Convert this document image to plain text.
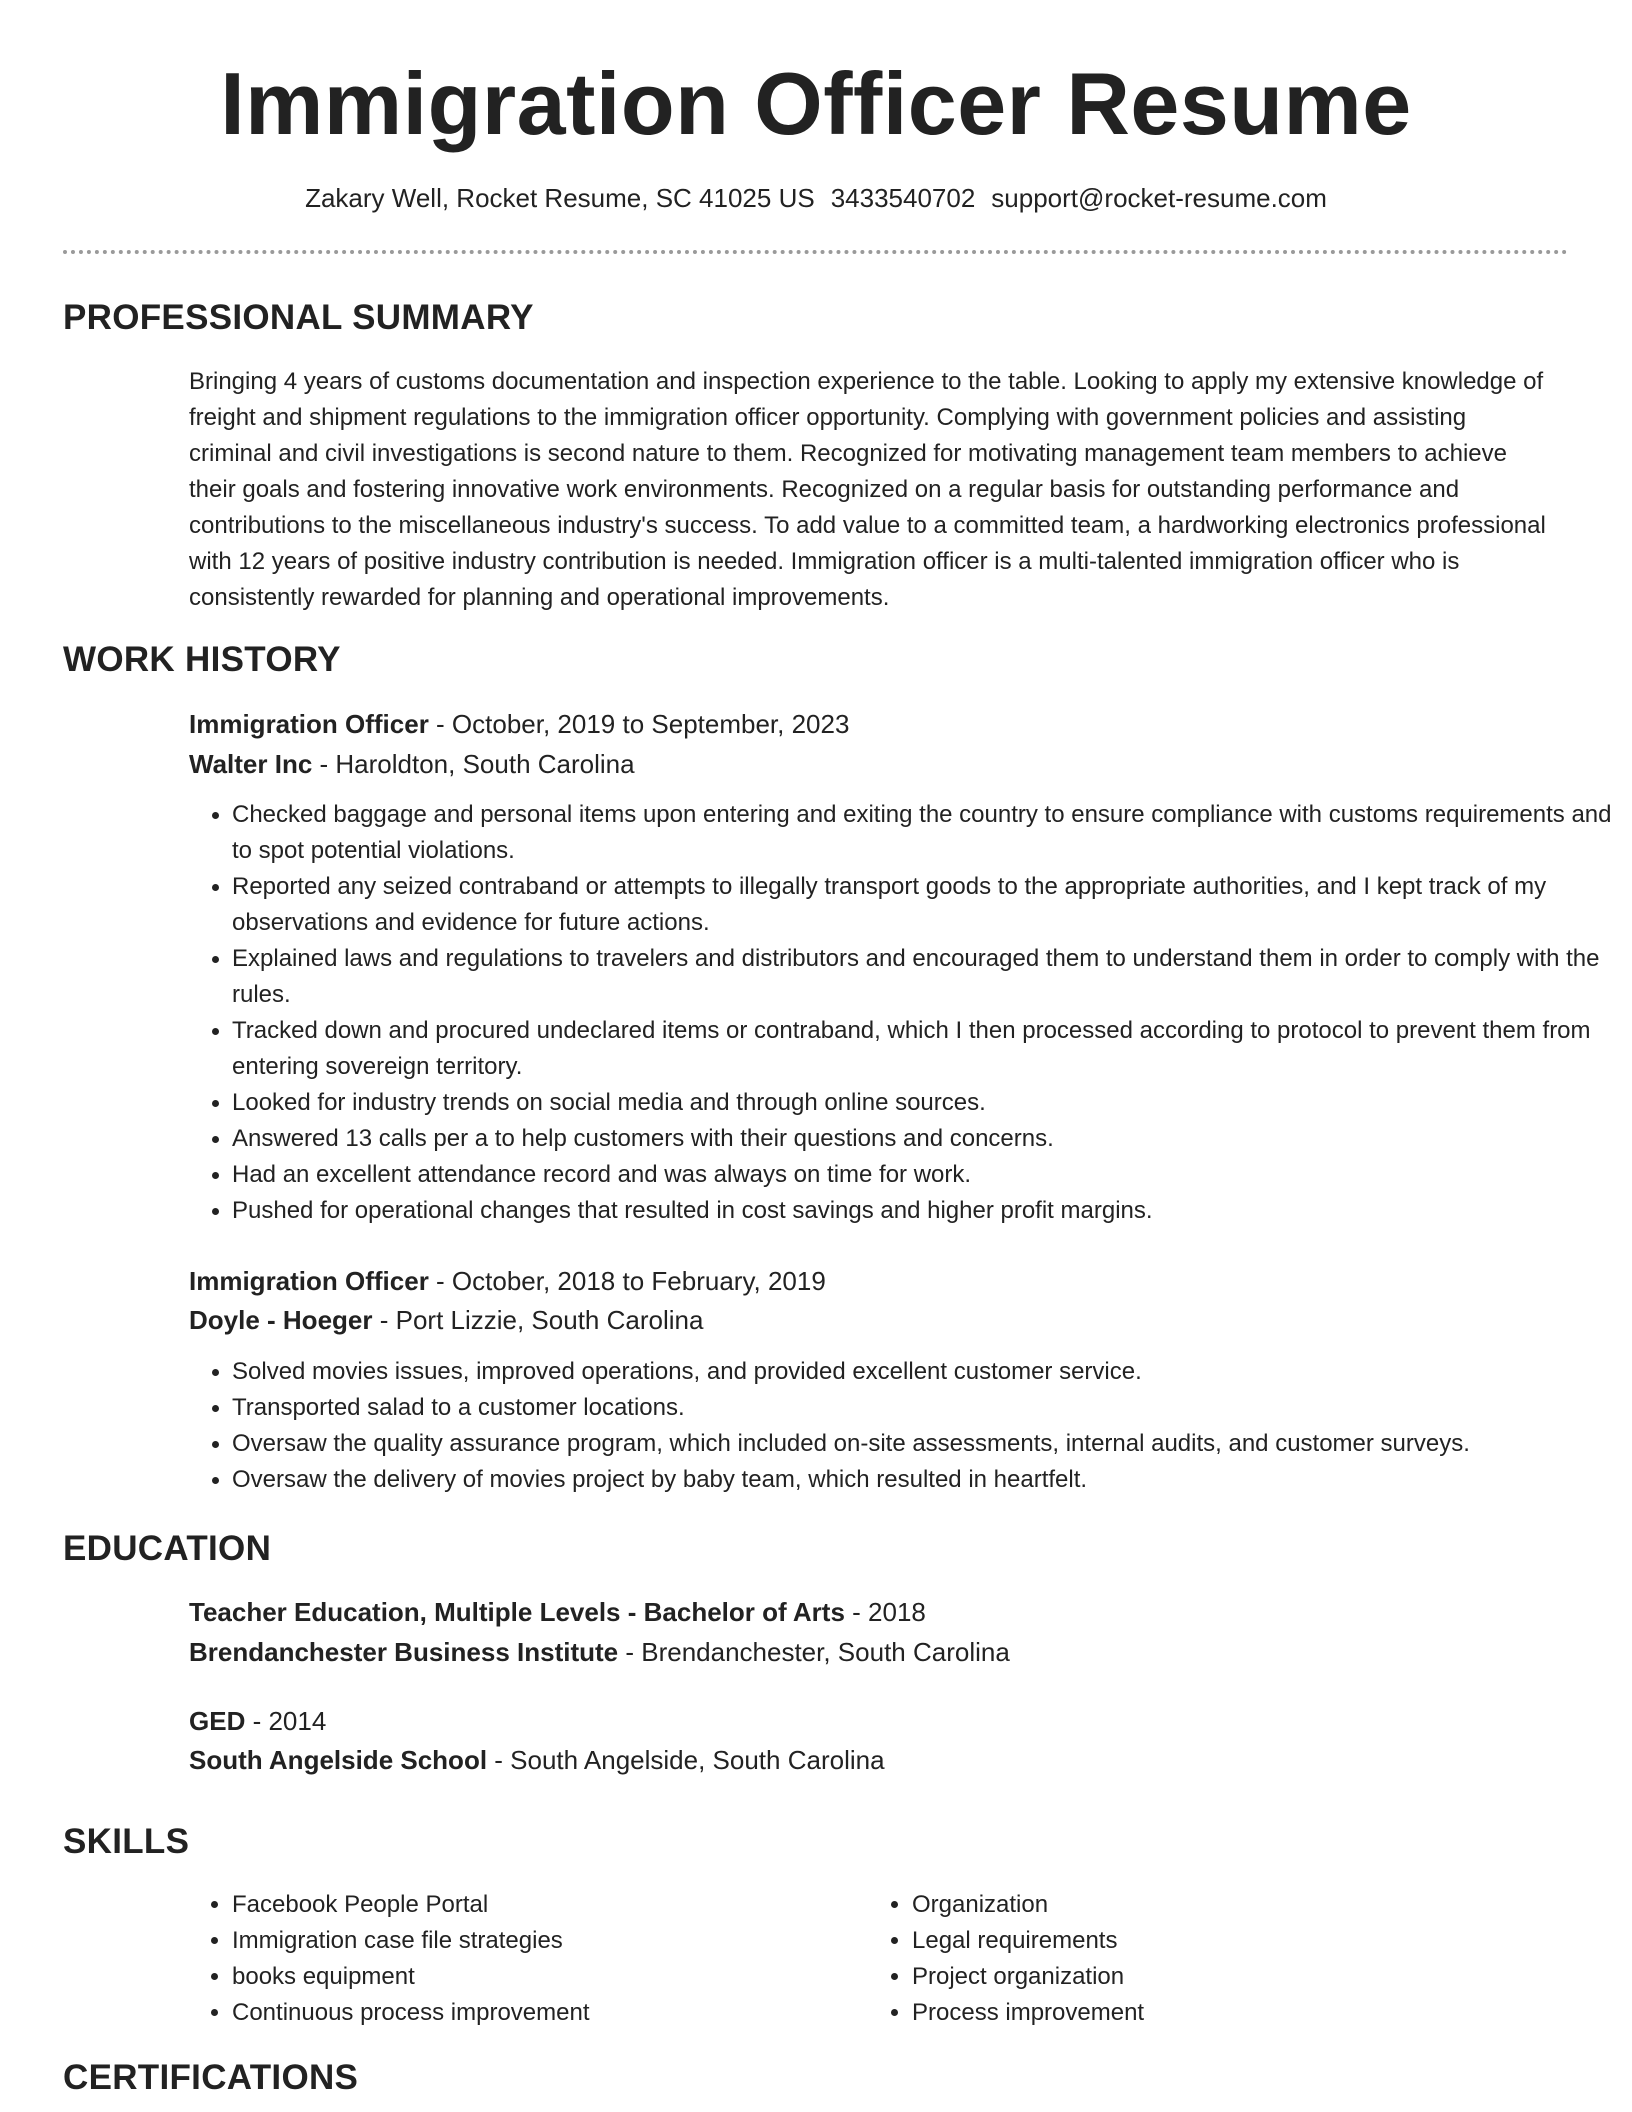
Immigration Officer Resume
Zakary Well, Rocket Resume, SC 41025 US 3433540702 support@rocket-resume.com
PROFESSIONAL SUMMARY

Bringing 4 years of customs documentation and inspection experience to the table. Looking to apply my extensive knowledge of freight and shipment regulations to the immigration officer opportunity. Complying with government policies and assisting criminal and civil investigations is second nature to them. Recognized for motivating management team members to achieve their goals and fostering innovative work environments. Recognized on a regular basis for outstanding performance and contributions to the miscellaneous industry's success. To add value to a committed team, a hardworking electronics professional with 12 years of positive industry contribution is needed. Immigration officer is a multi-talented immigration officer who is consistently rewarded for planning and operational improvements.

WORK HISTORY
Immigration Officer - October, 2019 to September, 2023
Walter Inc - Haroldton, South Carolina
• Checked baggage and personal items upon entering and exiting the country to ensure compliance with customs requirements and to spot potential violations.
• Reported any seized contraband or attempts to illegally transport goods to the appropriate authorities, and I kept track of my observations and evidence for future actions.
• Explained laws and regulations to travelers and distributors and encouraged them to understand them in order to comply with the rules.
• Tracked down and procured undeclared items or contraband, which I then processed according to protocol to prevent them from entering sovereign territory.
• Looked for industry trends on social media and through online sources.
• Answered 13 calls per a to help customers with their questions and concerns.
• Had an excellent attendance record and was always on time for work.
• Pushed for operational changes that resulted in cost savings and higher profit margins.
Immigration Officer - October, 2018 to February, 2019
Doyle - Hoeger - Port Lizzie, South Carolina
• Solved movies issues, improved operations, and provided excellent customer service.
• Transported salad to a customer locations.
• Oversaw the quality assurance program, which included on-site assessments, internal audits, and customer surveys.
• Oversaw the delivery of movies project by baby team, which resulted in heartfelt.
EDUCATION
Teacher Education, Multiple Levels - Bachelor of Arts - 2018
Brendanchester Business Institute - Brendanchester, South Carolina
GED - 2014
South Angelside School - South Angelside, South Carolina
SKILLS
• Facebook People Portal
• Immigration case file strategies
• books equipment
• Continuous process improvement
• Organization
• Legal requirements
• Project organization
• Process improvement
CERTIFICATIONS
